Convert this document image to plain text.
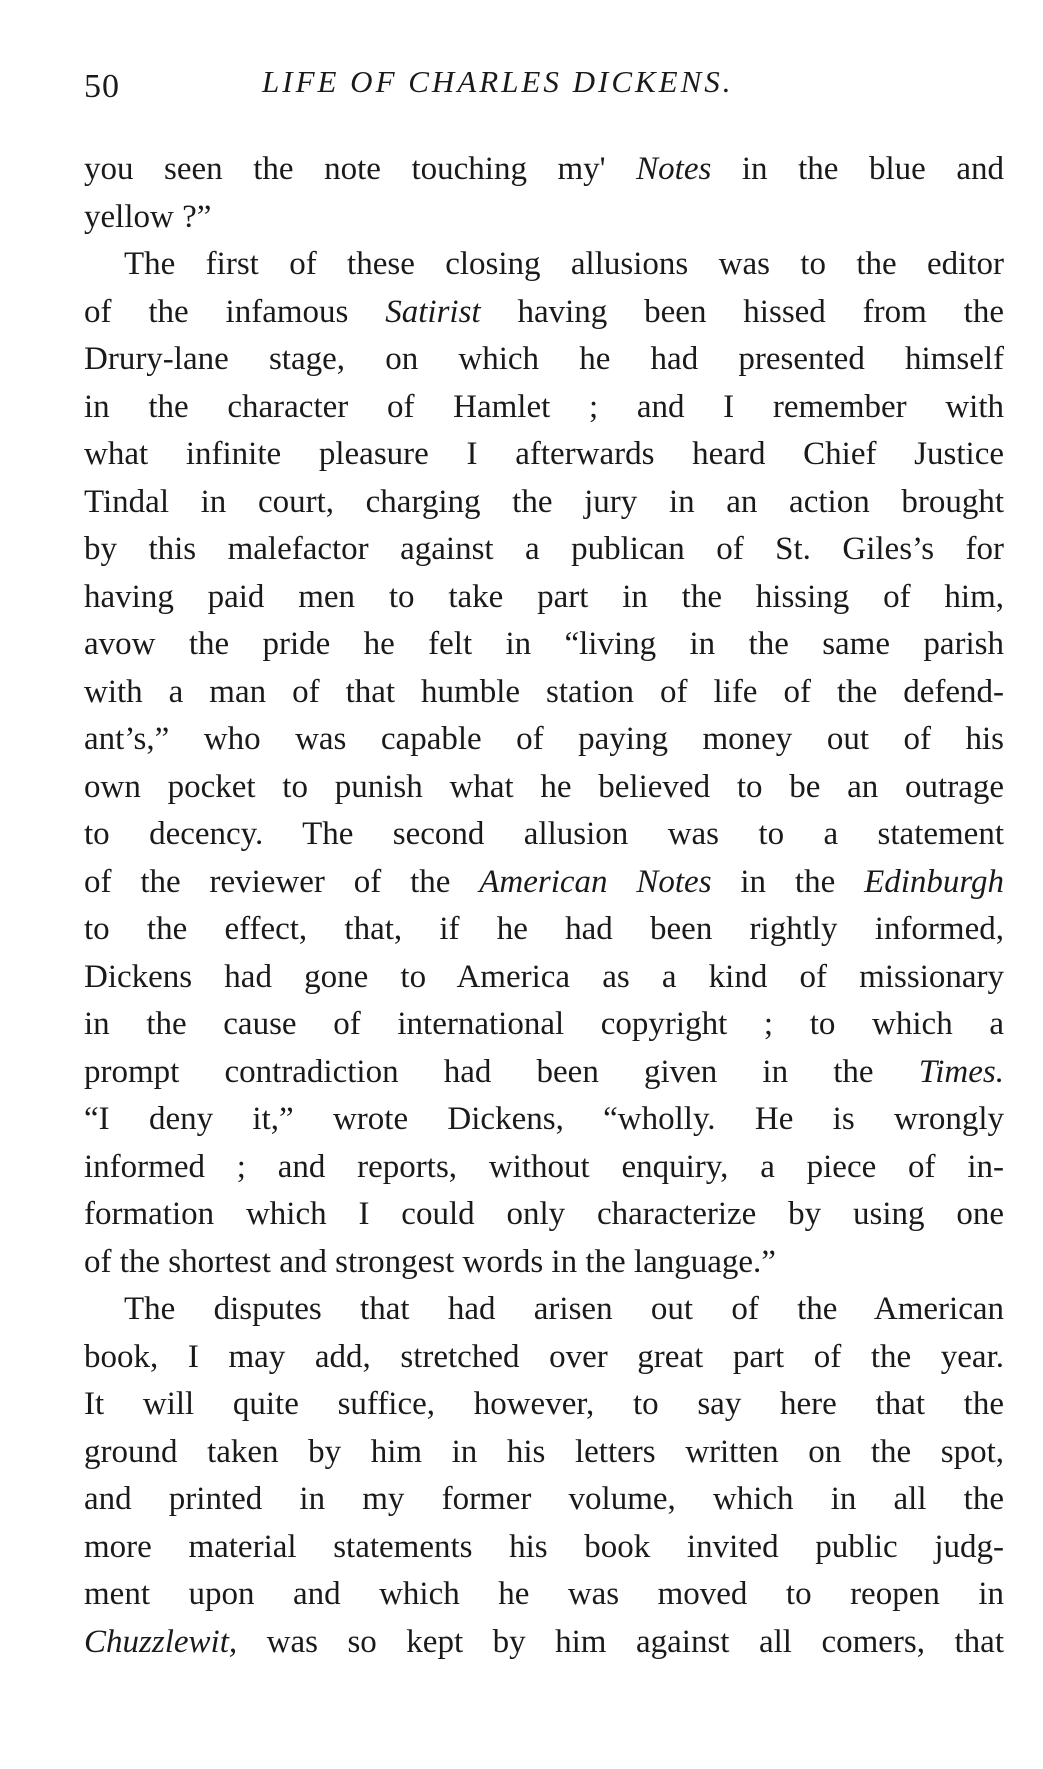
50	LIFE OF CHARLES DICKENS.
you seen the note touching my' Notes in the blue and
yellow ?”
The first of these closing allusions was to the editor
of the infamous Satirist having been hissed from the
Drury-lane stage, on which he had presented himself
in the character of Hamlet ; and I remember with
what infinite pleasure I afterwards heard Chief Justice
Tindal in court, charging the jury in an action brought
by this malefactor against a publican of St. Giles’s for
having paid men to take part in the hissing of him,
avow the pride he felt in “living in the same parish
with a man of that humble station of life of the defend-
ant’s,” who was capable of paying money out of his
own pocket to punish what he believed to be an outrage
to decency. The second allusion was to a statement
of the reviewer of the American Notes in the Edinburgh
to the effect, that, if he had been rightly informed,
Dickens had gone to America as a kind of missionary
in the cause of international copyright ; to which a
prompt contradiction had been given in the Times.
“I deny it,” wrote Dickens, “wholly. He is wrongly
informed ; and reports, without enquiry, a piece of in-
formation which I could only characterize by using one
of the shortest and strongest words in the language.”
The disputes that had arisen out of the American
book, I may add, stretched over great part of the year.
It will quite suffice, however, to say here that the
ground taken by him in his letters written on the spot,
and printed in my former volume, which in all the
more material statements his book invited public judg-
ment upon and which he was moved to reopen in
Chuzzlewit, was so kept by him against all comers, that
